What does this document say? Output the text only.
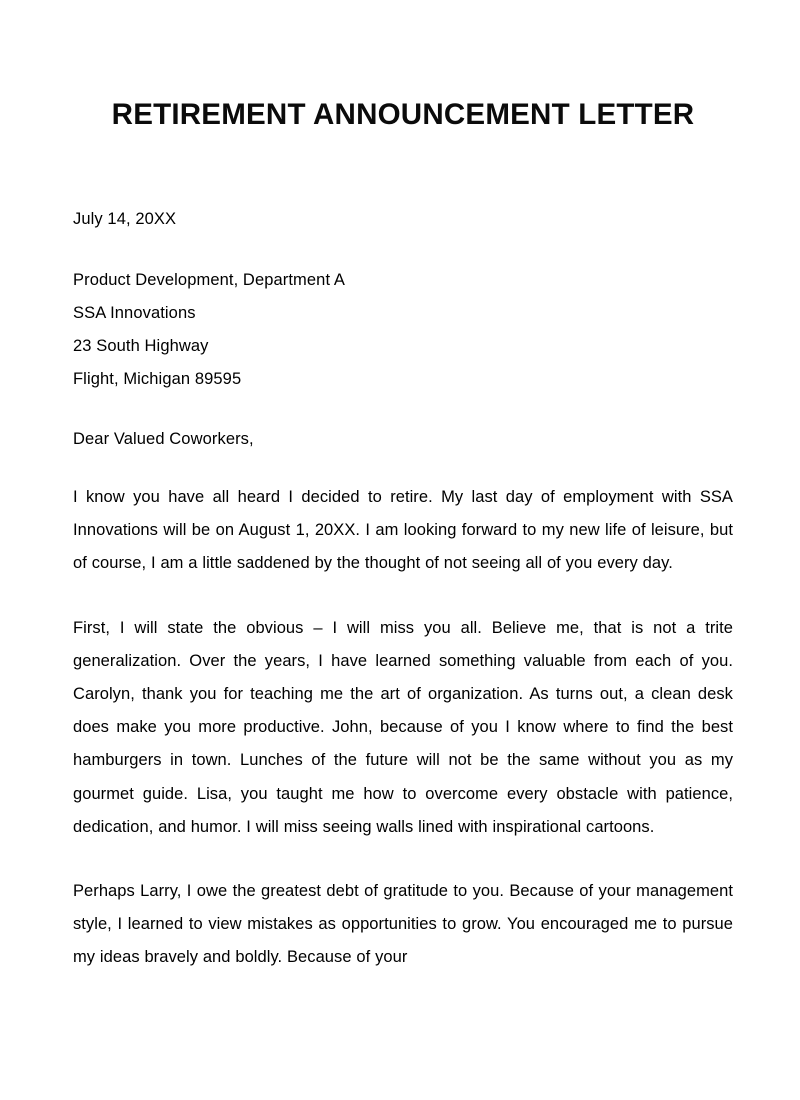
RETIREMENT ANNOUNCEMENT LETTER

July 14, 20XX

Product Development, Department A

SSA Innovations

23 South Highway

Flight, Michigan 89595

Dear Valued Coworkers,

I know you have all heard I decided to retire. My last day of employment with SSA Innovations will be on August 1, 20XX. I am looking forward to my new life of leisure, but of course, I am a little saddened by the thought of not seeing all of you every day.

First, I will state the obvious – I will miss you all. Believe me, that is not a trite generalization. Over the years, I have learned something valuable from each of you. Carolyn, thank you for teaching me the art of organization. As turns out, a clean desk does make you more productive. John, because of you I know where to find the best hamburgers in town. Lunches of the future will not be the same without you as my gourmet guide. Lisa, you taught me how to overcome every obstacle with patience, dedication, and humor. I will miss seeing walls lined with inspirational cartoons.

Perhaps Larry, I owe the greatest debt of gratitude to you. Because of your management style, I learned to view mistakes as opportunities to grow. You encouraged me to pursue my ideas bravely and boldly. Because of your
